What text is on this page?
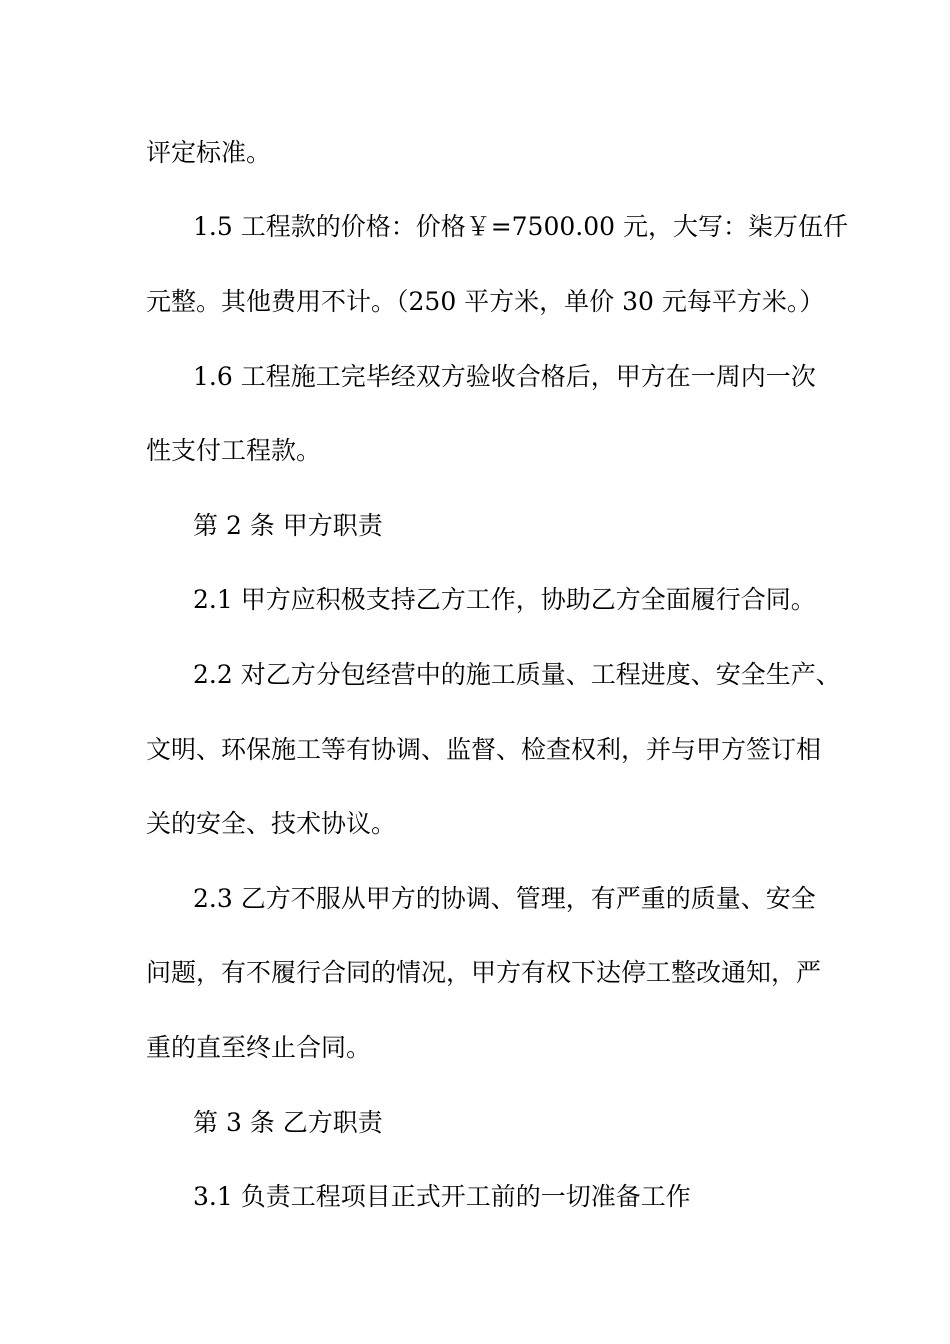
评定标准。
1.5 工程款的价格：价格￥=7500.00 元，大写：柒万伍仟
元整。其他费用不计。（250 平方米，单价 30 元每平方米。）
1.6 工程施工完毕经双方验收合格后，甲方在一周内一次
性支付工程款。
第 2 条 甲方职责
2.1 甲方应积极支持乙方工作，协助乙方全面履行合同。
2.2 对乙方分包经营中的施工质量、工程进度、安全生产、
文明、环保施工等有协调、监督、检查权利，并与甲方签订相
关的安全、技术协议。
2.3 乙方不服从甲方的协调、管理，有严重的质量、安全
问题，有不履行合同的情况，甲方有权下达停工整改通知，严
重的直至终止合同。
第 3 条 乙方职责
3.1 负责工程项目正式开工前的一切准备工作
